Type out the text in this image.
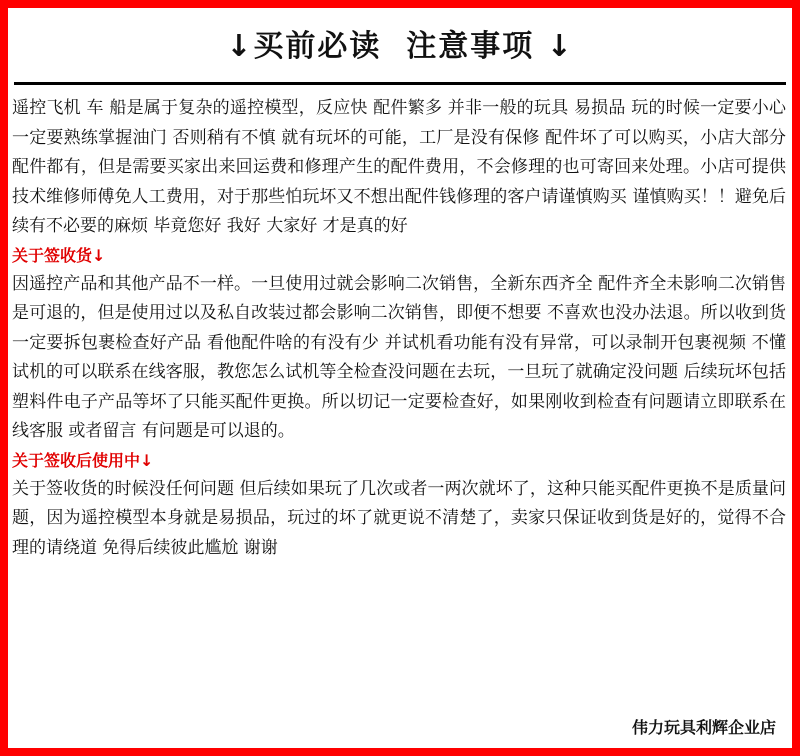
↓买前必读  注意事项 ↓

遥控飞机 车 船是属于复杂的遥控模型，反应快 配件繁多 并非一般的玩具 易损品 玩的时候一定要小心 一定要熟练掌握油门 否则稍有不慎 就有玩坏的可能，工厂是没有保修 配件坏了可以购买，小店大部分配件都有，但是需要买家出来回运费和修理产生的配件费用，不会修理的也可寄回来处理。小店可提供技术维修师傅免人工费用，对于那些怕玩坏又不想出配件钱修理的客户请谨慎购买 谨慎购买！！避免后续有不必要的麻烦 毕竟您好 我好 大家好 才是真的好

关于签收货↓

因遥控产品和其他产品不一样。一旦使用过就会影响二次销售，全新东西齐全 配件齐全未影响二次销售是可退的，但是使用过以及私自改装过都会影响二次销售，即便不想要 不喜欢也没办法退。所以收到货一定要拆包裹检查好产品 看他配件啥的有没有少 并试机看功能有没有异常，可以录制开包裹视频 不懂试机的可以联系在线客服，教您怎么试机等全检查没问题在去玩，一旦玩了就确定没问题 后续玩坏包括塑料件电子产品等坏了只能买配件更换。所以切记一定要检查好，如果刚收到检查有问题请立即联系在线客服 或者留言 有问题是可以退的。

关于签收后使用中↓

关于签收货的时候没任何问题 但后续如果玩了几次或者一两次就坏了，这种只能买配件更换不是质量问题，因为遥控模型本身就是易损品，玩过的坏了就更说不清楚了，卖家只保证收到货是好的，觉得不合理的请绕道 免得后续彼此尴尬 谢谢

伟力玩具利辉企业店
